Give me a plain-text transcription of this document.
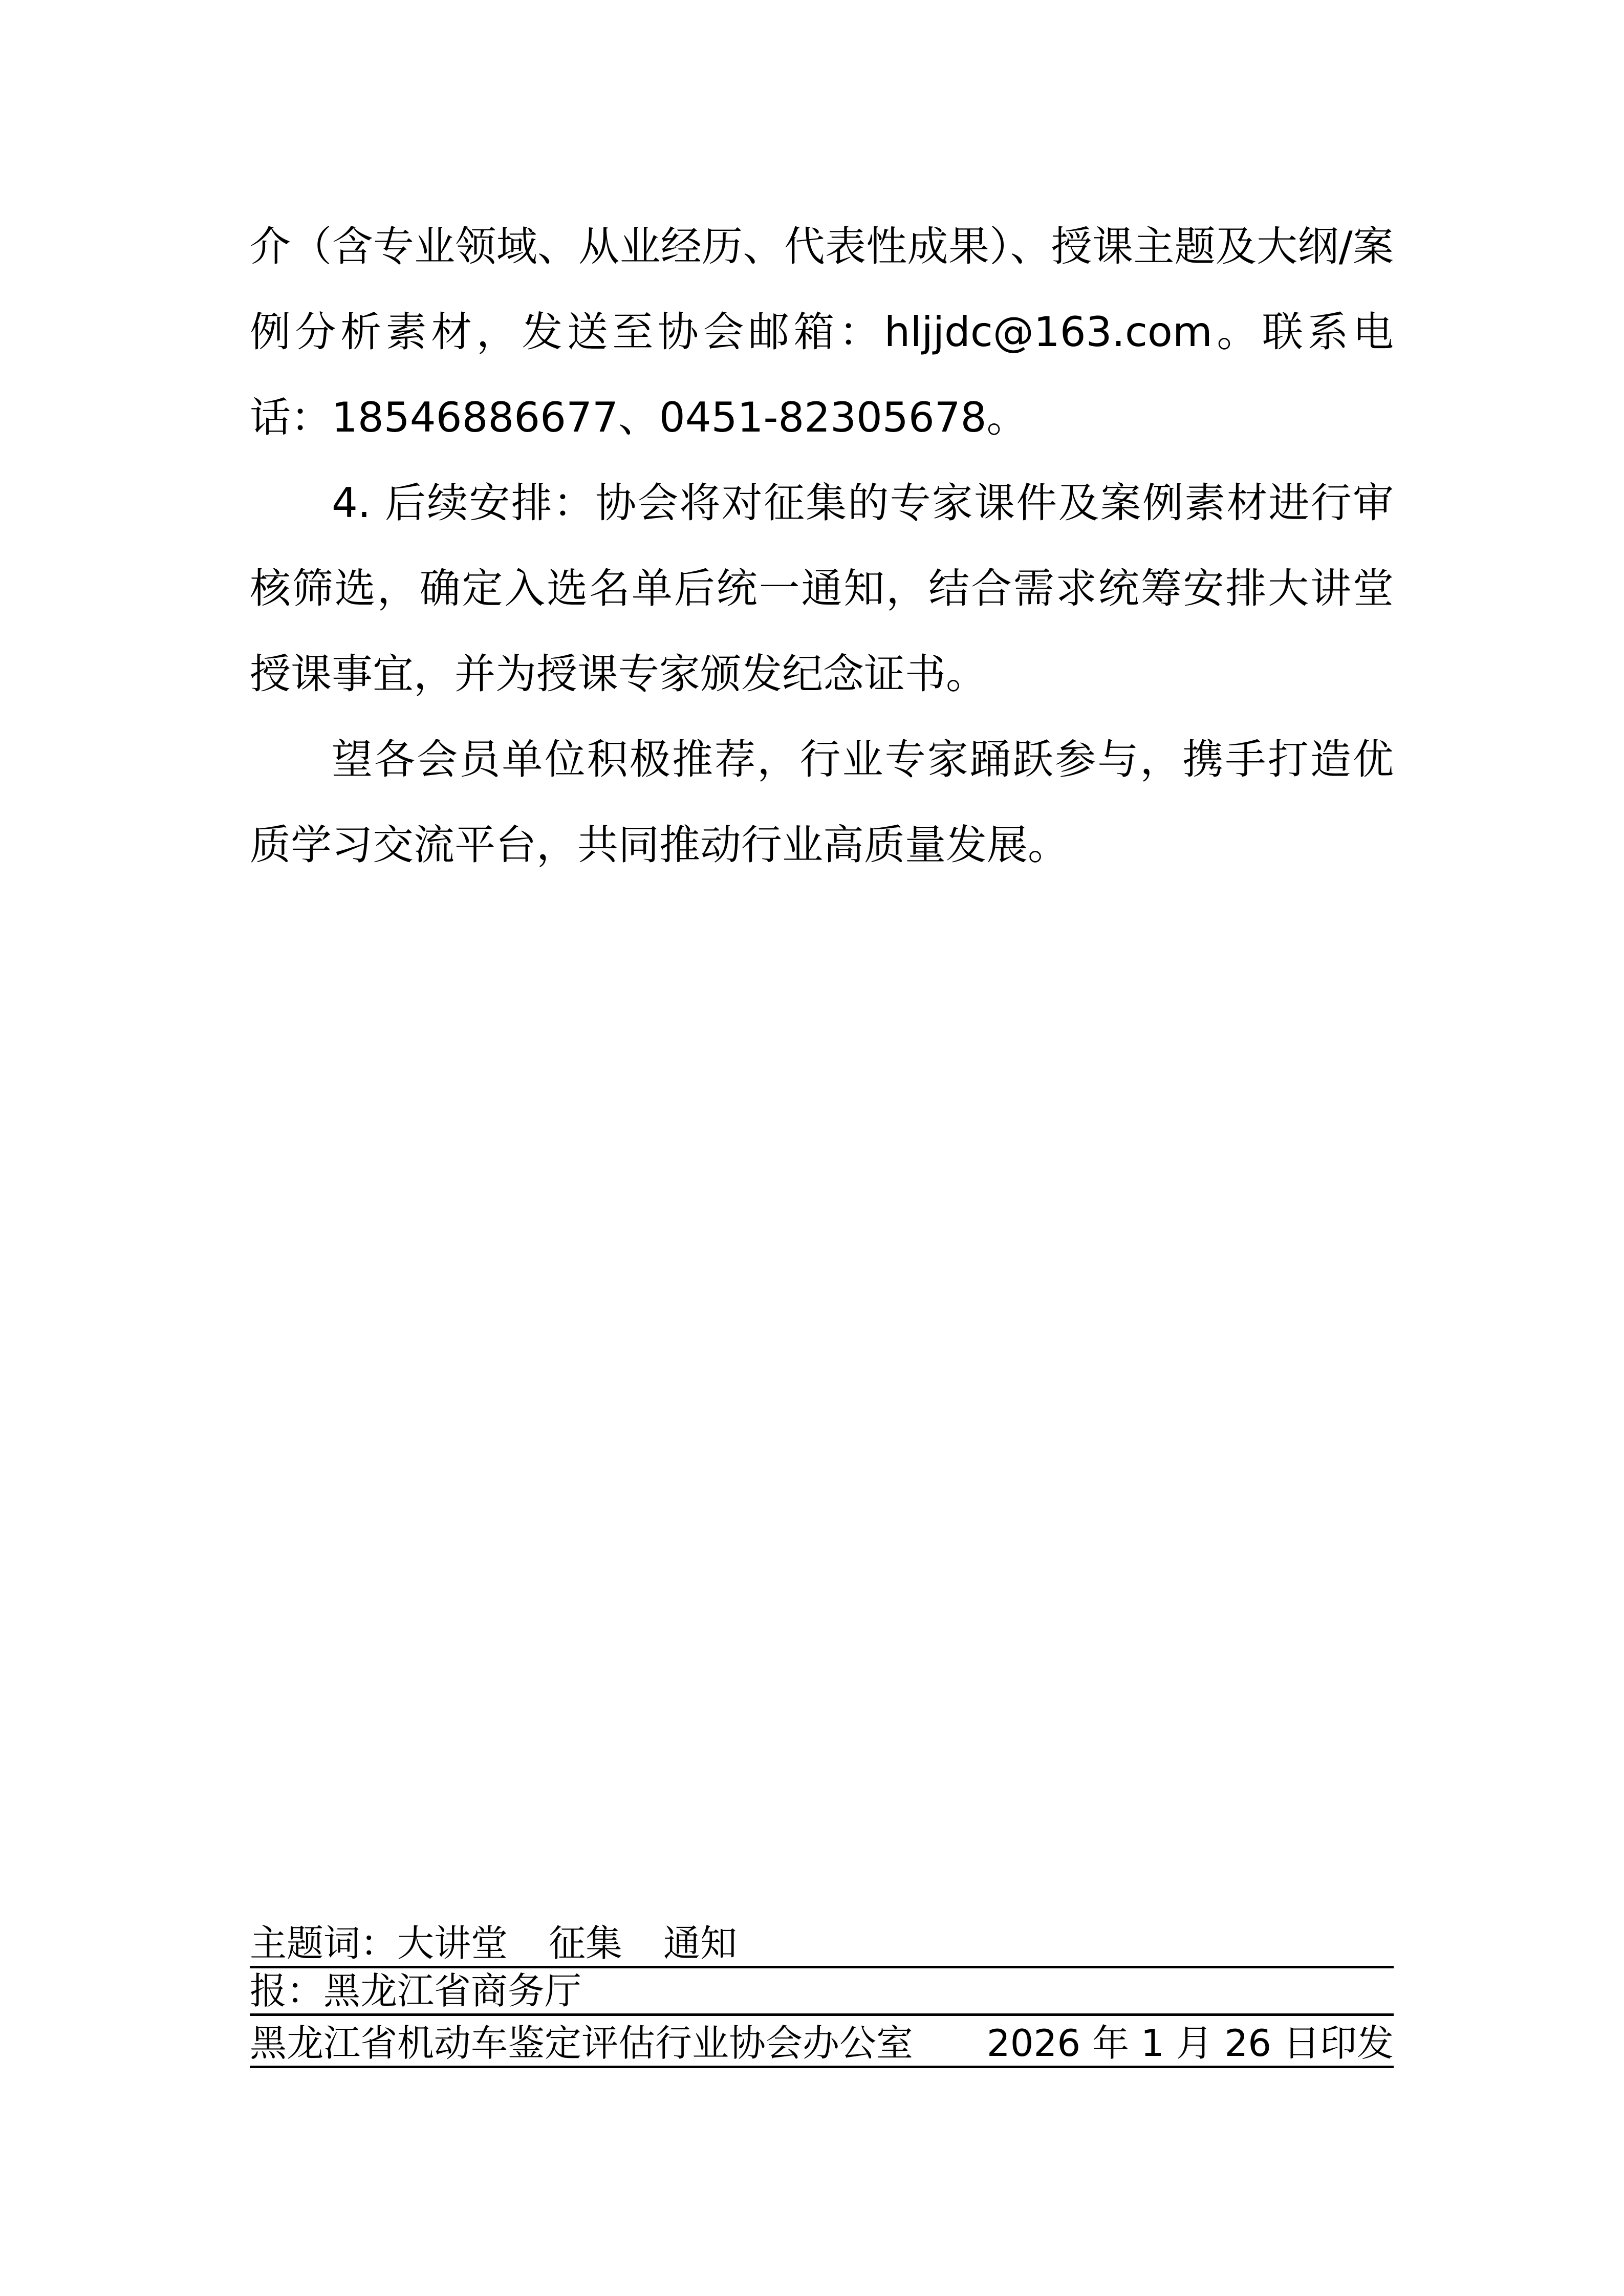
介（含专业领域、从业经历、代表性成果）、授课主题及大纲/案例分析素材，发送至协会邮箱：hljjdc@163.com。联系电话：18546886677、0451-82305678。

4. 后续安排：协会将对征集的专家课件及案例素材进行审核筛选，确定入选名单后统一通知，结合需求统筹安排大讲堂授课事宜，并为授课专家颁发纪念证书。

望各会员单位积极推荐，行业专家踊跃参与，携手打造优质学习交流平台，共同推动行业高质量发展。

主题词：大讲堂 征集 通知
报：黑龙江省商务厅
黑龙江省机动车鉴定评估行业协会办公室 2026 年 1 月 26 日印发
